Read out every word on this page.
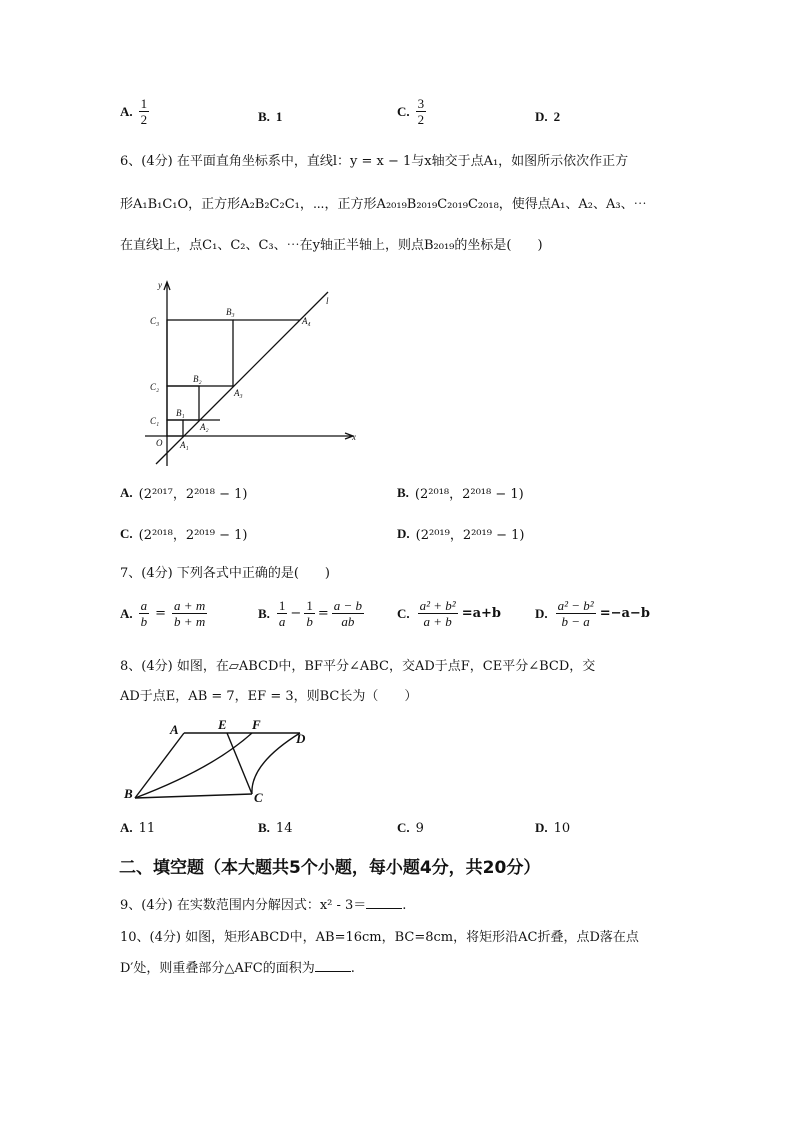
A. $\frac{1}{2}$	B. 1	C. $\frac{3}{2}$	D. 2
6、(4分) 在平面直角坐标系中，直线l：y = x − 1与x轴交于点A₁，如图所示依次作正方
形A₁B₁C₁O，正方形A₂B₂C₂C₁，⋯，正方形A₂₀₁₉B₂₀₁₉C₂₀₁₉C₂₀₁₈，使得点A₁、A₂、A₃、⋯
在直线l上，点C₁、C₂、C₃、⋯在y轴正半轴上，则点B₂₀₁₉的坐标是(　　)
y
l
C₃
B₃
A₄
C₂
B₂
A₃
C₁
B₁
A₂
O A₁
x
A. (2²⁰¹⁷，2²⁰¹⁸ − 1)	B. (2²⁰¹⁸，2²⁰¹⁸ − 1)
C. (2²⁰¹⁸，2²⁰¹⁹ − 1)	D. (2²⁰¹⁹，2²⁰¹⁹ − 1)
7、(4分) 下列各式中正确的是(　　)
A. $\frac{a}{b} = \frac{a + m}{b + m}$	B. $\frac{1}{a} - \frac{1}{b} = \frac{a - b}{ab}$	C. $\frac{\text{a² + b²}}{a + b} =a+b$	D. $\frac{\text{a² − b²}}{b - a} =-a-b$
8、(4分) 如图，在▱ABCD中，BF平分∠ABC，交AD于点F，CE平分∠BCD，交
AD于点E，AB = 7，EF = 3，则BC长为（　　）
A	E F
D
B	C
A. 11	B. 14	C. 9	D. 10
二、填空题（本大题共5个小题，每小题4分，共20分）
9、(4分) 在实数范围内分解因式：x² - 3＝	.
10、(4分) 如图，矩形ABCD中，AB=16cm，BC=8cm，将矩形沿AC折叠，点D落在点
D′处，则重叠部分△AFC的面积为	.
